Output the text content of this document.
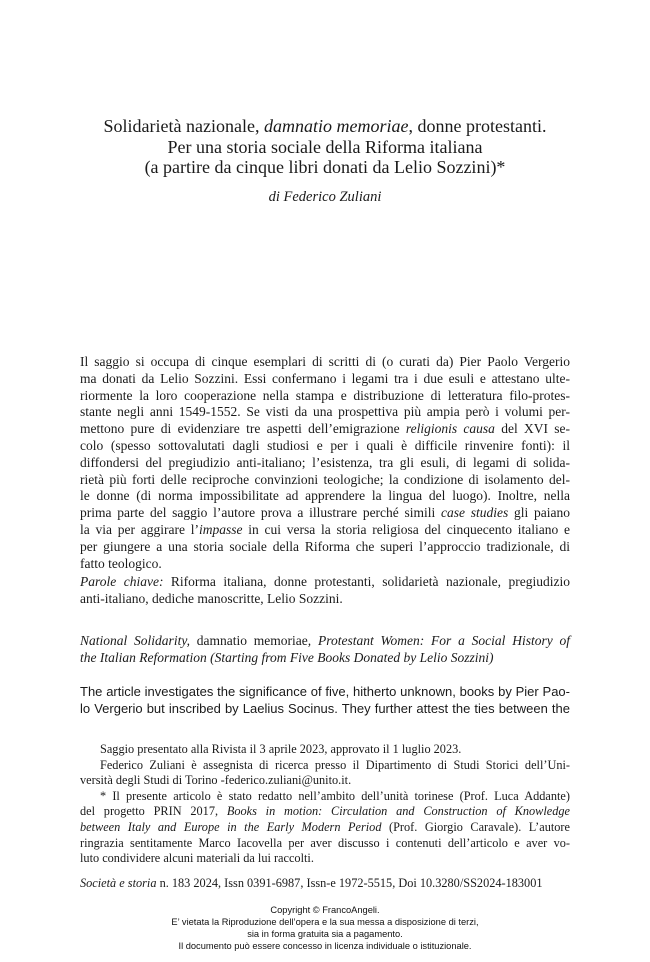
Solidarietà nazionale, damnatio memoriae, donne protestanti.
Per una storia sociale della Riforma italiana
(a partire da cinque libri donati da Lelio Sozzini)*
di Federico Zuliani
Il saggio si occupa di cinque esemplari di scritti di (o curati da) Pier Paolo Vergerio
ma donati da Lelio Sozzini. Essi confermano i legami tra i due esuli e attestano ulte-
riormente la loro cooperazione nella stampa e distribuzione di letteratura filo-protes-
stante negli anni 1549-1552. Se visti da una prospettiva più ampia però i volumi per-
mettono pure di evidenziare tre aspetti dell’emigrazione religionis causa del XVI se-
colo (spesso sottovalutati dagli studiosi e per i quali è difficile rinvenire fonti): il
diffondersi del pregiudizio anti-italiano; l’esistenza, tra gli esuli, di legami di solida-
rietà più forti delle reciproche convinzioni teologiche; la condizione di isolamento del-
le donne (di norma impossibilitate ad apprendere la lingua del luogo). Inoltre, nella
prima parte del saggio l’autore prova a illustrare perché simili case studies gli paiano
la via per aggirare l’impasse in cui versa la storia religiosa del cinquecento italiano e
per giungere a una storia sociale della Riforma che superi l’approccio tradizionale, di
fatto teologico.
Parole chiave: Riforma italiana, donne protestanti, solidarietà nazionale, pregiudizio
anti-italiano, dediche manoscritte, Lelio Sozzini.
National Solidarity, damnatio memoriae, Protestant Women: For a Social History of
the Italian Reformation (Starting from Five Books Donated by Lelio Sozzini)
The article investigates the significance of five, hitherto unknown, books by Pier Pao-
lo Vergerio but inscribed by Laelius Socinus. They further attest the ties between the
Saggio presentato alla Rivista il 3 aprile 2023, approvato il 1 luglio 2023.
Federico Zuliani è assegnista di ricerca presso il Dipartimento di Studi Storici dell’Uni-
versità degli Studi di Torino -federico.zuliani@unito.it.
* Il presente articolo è stato redatto nell’ambito dell’unità torinese (Prof. Luca Addante)
del progetto PRIN 2017, Books in motion: Circulation and Construction of Knowledge
between Italy and Europe in the Early Modern Period (Prof. Giorgio Caravale). L’autore
ringrazia sentitamente Marco Iacovella per aver discusso i contenuti dell’articolo e aver vo-
luto condividere alcuni materiali da lui raccolti.
Società e storia n. 183 2024, Issn 0391-6987, Issn-e 1972-5515, Doi 10.3280/SS2024-183001
Copyright © FrancoAngeli.
E’ vietata la Riproduzione dell’opera e la sua messa a disposizione di terzi,
sia in forma gratuita sia a pagamento.
Il documento può essere concesso in licenza individuale o istituzionale.
